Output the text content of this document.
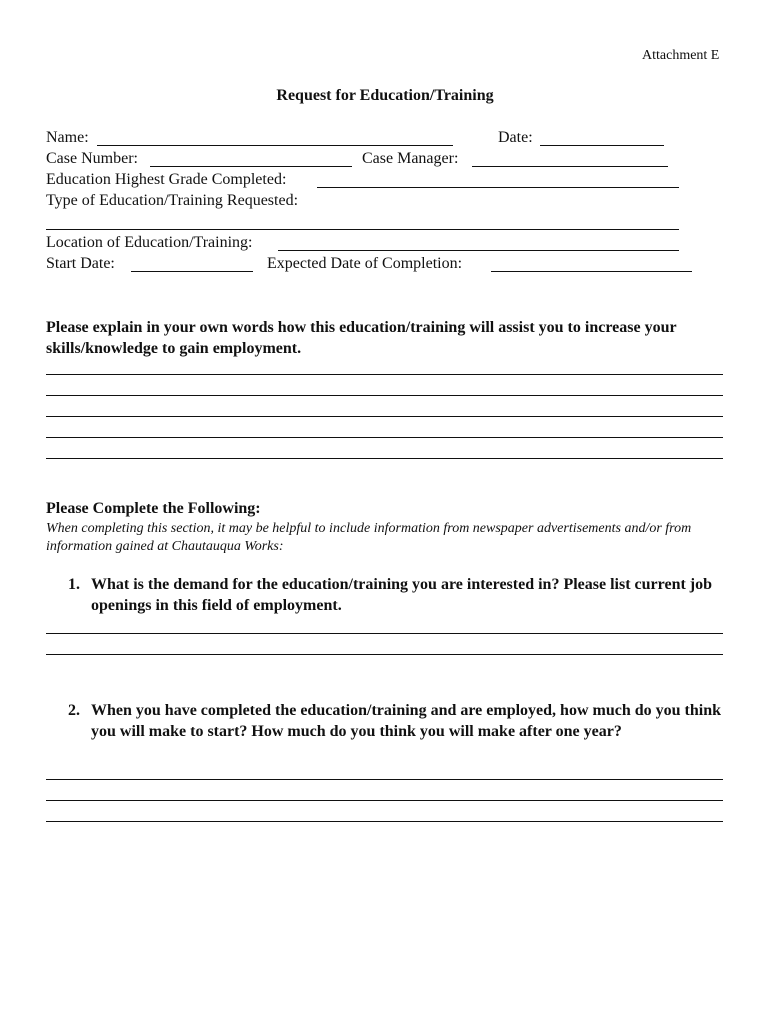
Attachment E
Request for Education/Training
Name:	Date:
Case Number:	Case Manager:
Education Highest Grade Completed:
Type of Education/Training Requested:
Location of Education/Training:
Start Date:	Expected Date of Completion:
Please explain in your own words how this education/training will assist you to increase your skills/knowledge to gain employment.
Please Complete the Following:
When completing this section, it may be helpful to include information from newspaper advertisements and/or from information gained at Chautauqua Works:
1. What is the demand for the education/training you are interested in? Please list current job openings in this field of employment.
2. When you have completed the education/training and are employed, how much do you think you will make to start? How much do you think you will make after one year?
